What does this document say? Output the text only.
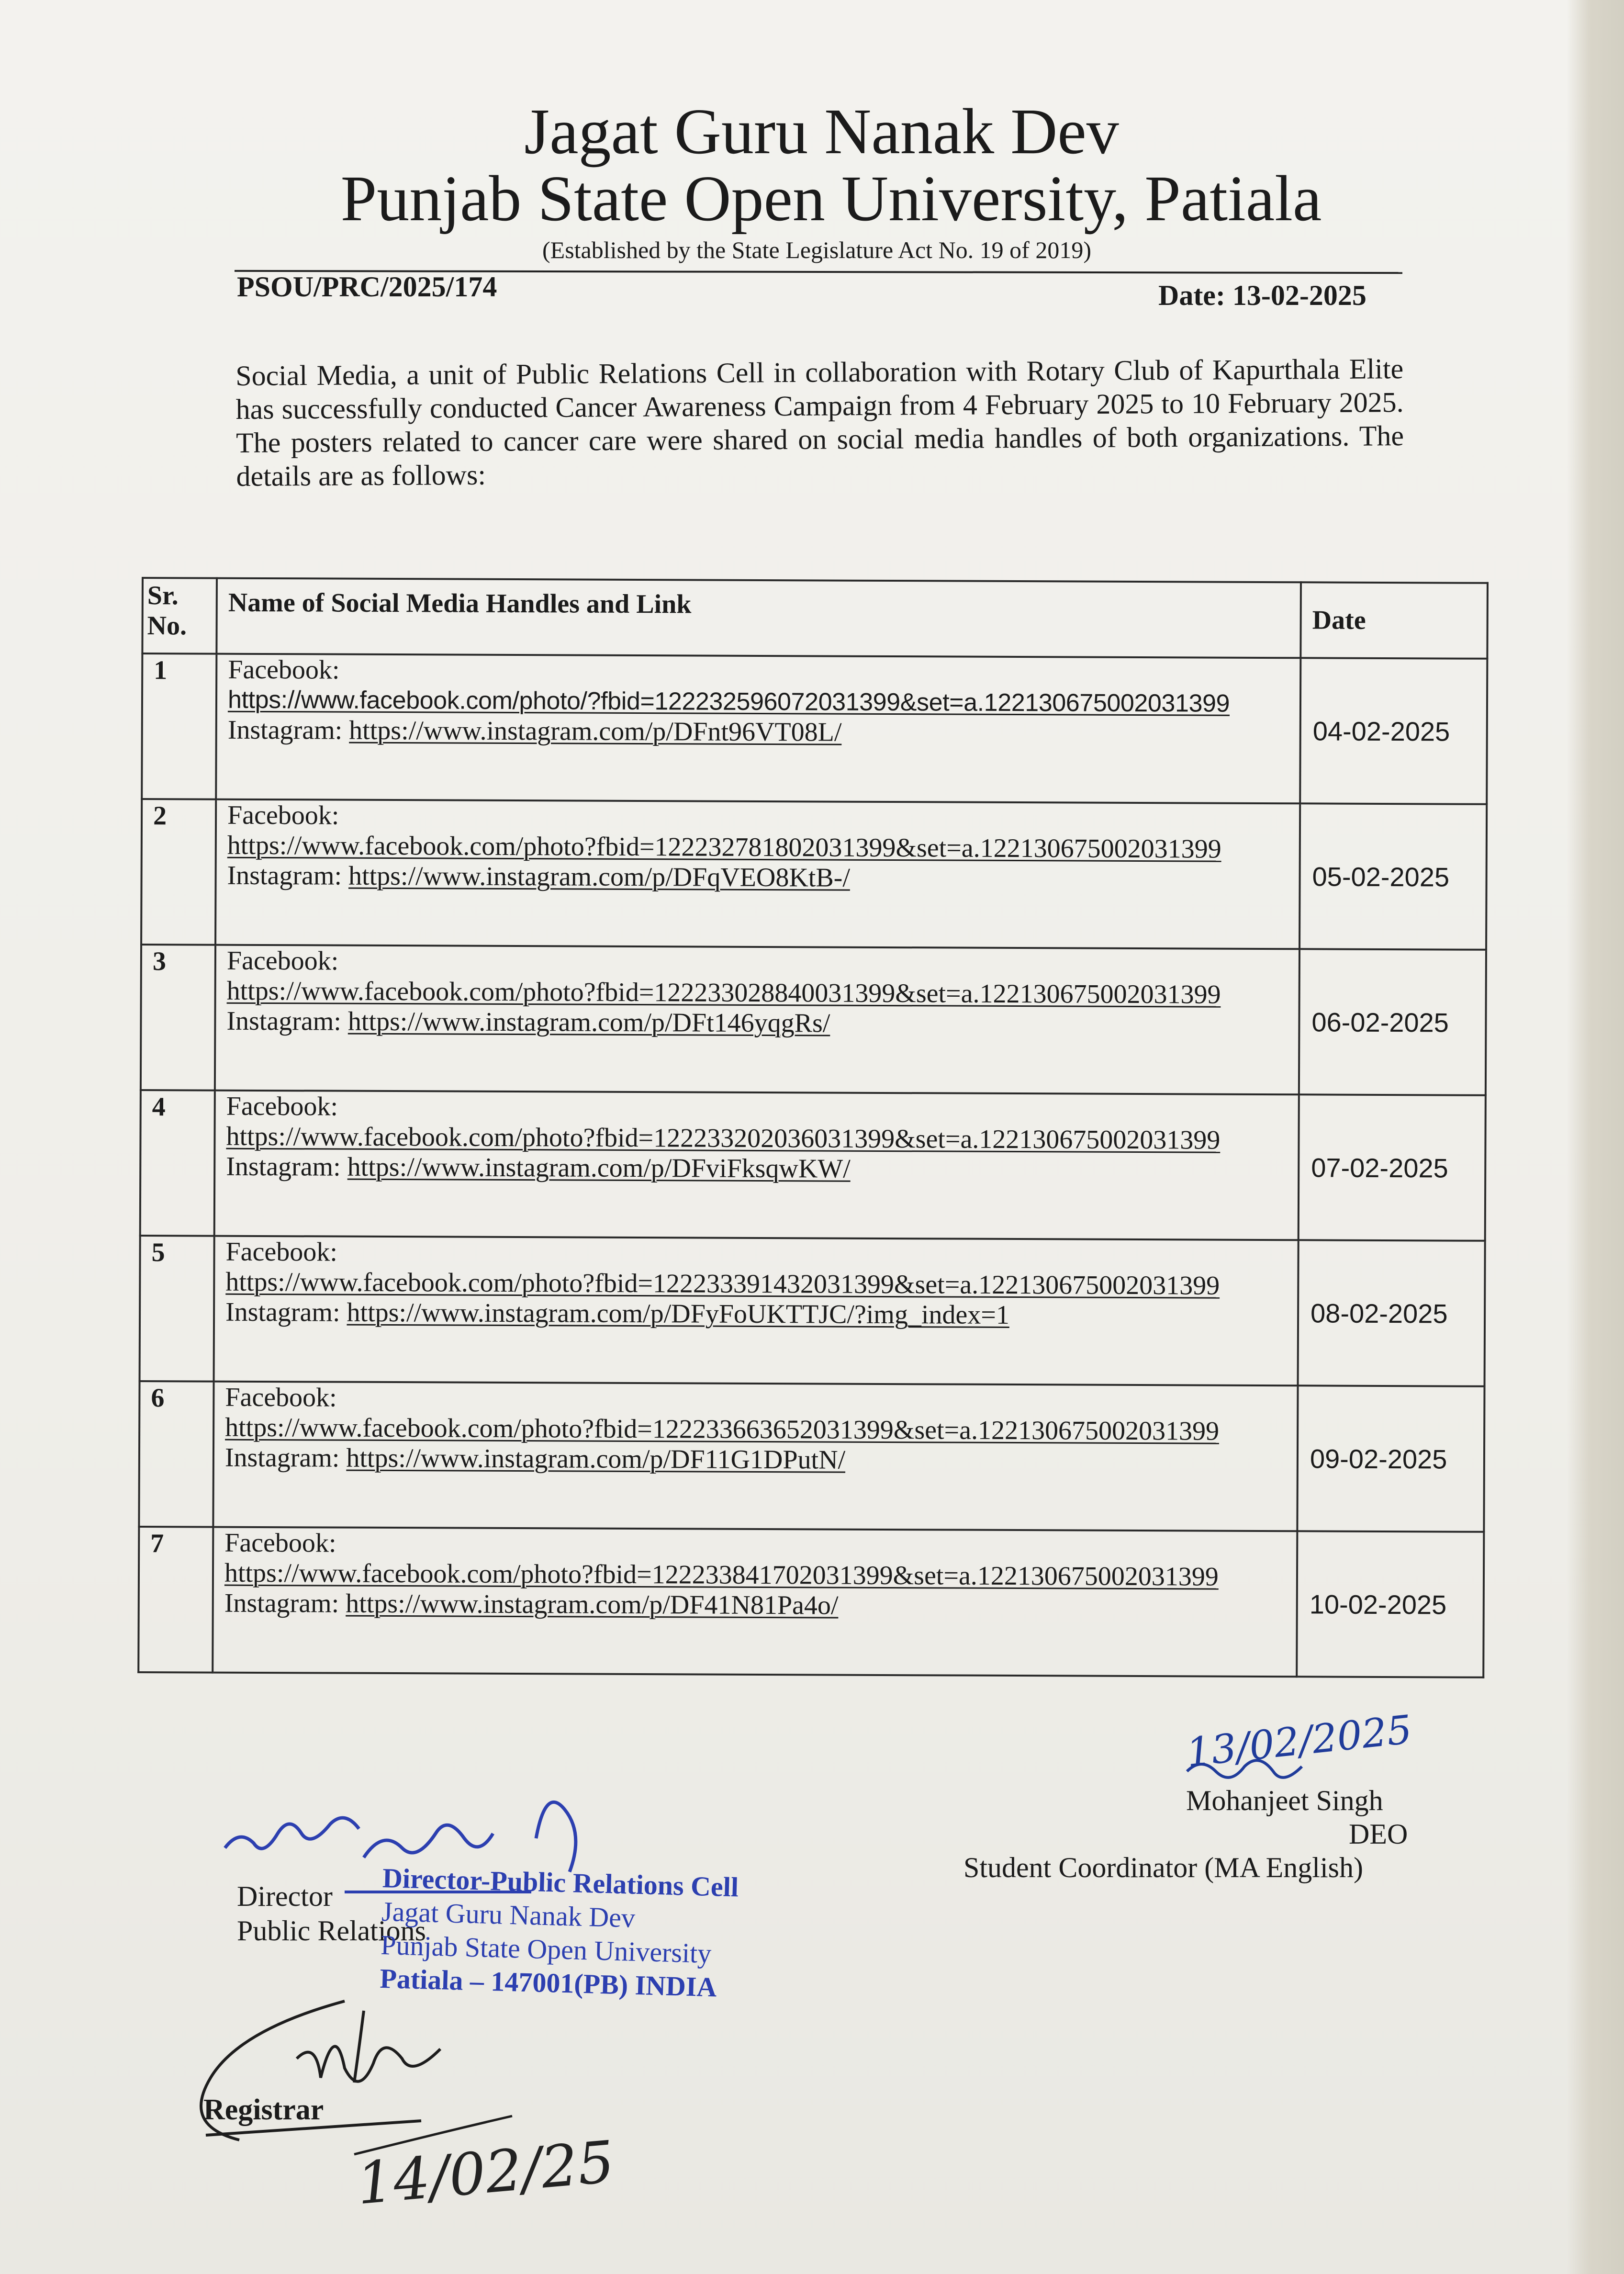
Jagat Guru Nanak Dev
Punjab State Open University, Patiala
(Established by the State Legislature Act No. 19 of 2019)
PSOU/PRC/2025/174	Date: 13-02-2025
Social Media, a unit of Public Relations Cell in collaboration with Rotary Club of Kapurthala Elite has successfully conducted Cancer Awareness Campaign from 4 February 2025 to 10 February 2025. The posters related to cancer care were shared on social media handles of both organizations. The details are as follows:
Sr. No.	Name of Social Media Handles and Link	Date
1	Facebook:
https://www.facebook.com/photo/?fbid=122232596072031399&set=a.122130675002031399
Instagram: https://www.instagram.com/p/DFnt96VT08L/	04-02-2025
2	Facebook:
https://www.facebook.com/photo?fbid=122232781802031399&set=a.122130675002031399
Instagram: https://www.instagram.com/p/DFqVEO8KtB-/	05-02-2025
3	Facebook:
https://www.facebook.com/photo?fbid=122233028840031399&set=a.122130675002031399
Instagram: https://www.instagram.com/p/DFt146yqgRs/	06-02-2025
4	Facebook:
https://www.facebook.com/photo?fbid=122233202036031399&set=a.122130675002031399
Instagram: https://www.instagram.com/p/DFviFksqwKW/	07-02-2025
5	Facebook:
https://www.facebook.com/photo?fbid=122233391432031399&set=a.122130675002031399
Instagram: https://www.instagram.com/p/DFyFoUKTTJC/?img_index=1	08-02-2025
6	Facebook:
https://www.facebook.com/photo?fbid=122233663652031399&set=a.122130675002031399
Instagram: https://www.instagram.com/p/DF11G1DPutN/	09-02-2025
7	Facebook:
https://www.facebook.com/photo?fbid=122233841702031399&set=a.122130675002031399
Instagram: https://www.instagram.com/p/DF41N81Pa4o/	10-02-2025
13/02/2025
Mohanjeet Singh
DEO
Student Coordinator (MA English)
Director
Public Relations
Director-Public Relations Cell
Jagat Guru Nanak Dev
Punjab State Open University
Patiala – 147001(PB) INDIA
Registrar
14/02/25
